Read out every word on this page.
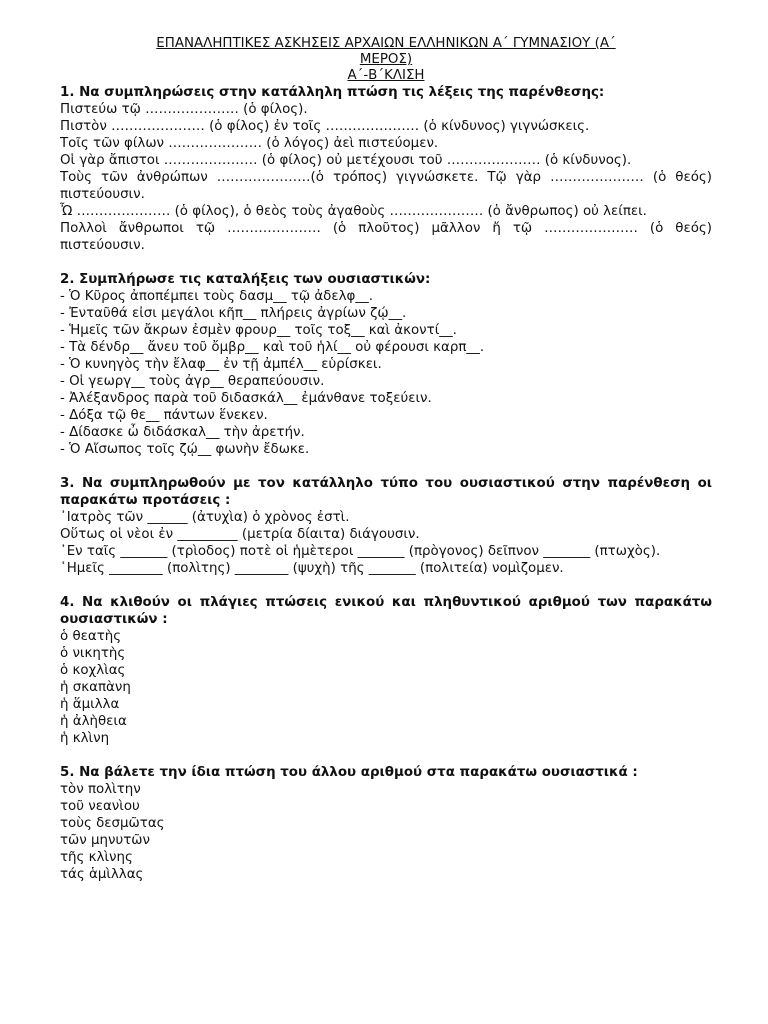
ΕΠΑΝΑΛΗΠΤΙΚΕΣ ΑΣΚΗΣΕΙΣ ΑΡΧΑΙΩΝ ΕΛΛΗΝΙΚΩΝ Α΄ ΓΥΜΝΑΣΙΟΥ (Α΄
ΜΕΡΟΣ)
Α΄-Β΄ΚΛΙΣΗ
1. Να συμπληρώσεις στην κατάλληλη πτώση τις λέξεις της παρένθεσης:
Πιστεύω τῷ ………………… (ὁ φίλος).
Πιστὸν ………………… (ὁ φίλος) ἐν τοῖς ………………… (ὁ κίνδυνος) γιγνώσκεις.
Τοῖς τῶν φίλων ………………… (ὁ λόγος) ἀεὶ πιστεύομεν.
Οἱ γὰρ ἄπιστοι ………………… (ὁ φίλος) οὐ μετέχουσι τοῦ ………………… (ὁ κίνδυνος).
Τοὺς τῶν ἀνθρώπων …………………(ὁ τρόπος) γιγνώσκετε. Τῷ γὰρ ………………… (ὁ θεός) πιστεύουσιν.
Ὦ ………………… (ὁ φίλος), ὁ θεὸς τοὺς ἀγαθοὺς ………………… (ὁ ἄνθρωπος) οὐ λείπει.
Πολλοὶ ἄνθρωποι τῷ ………………… (ὁ πλοῦτος) μᾶλλον ἤ τῷ ………………… (ὁ θεός) πιστεύουσιν.
2. Συμπλήρωσε τις καταλήξεις των ουσιαστικών:
- Ὁ Κῦρος ἀποπέμπει τοὺς δασμ__ τῷ ἀδελφ__.
- Ἐνταῦθά εἰσι μεγάλοι κῆπ__ πλήρεις ἀγρίων ζῴ__.
- Ἡμεῖς τῶν ἄκρων ἐσμὲν φρουρ__ τοῖς τοξ__ καὶ ἀκοντί__.
- Τὰ δένδρ__ ἄνευ τοῦ ὄμβρ__ καὶ τοῦ ἡλί__ οὐ φέρουσι καρπ__.
- Ὁ κυνηγὸς τὴν ἔλαφ__ ἐν τῇ ἀμπέλ__ εὑρίσκει.
- Οἱ γεωργ__ τοὺς ἀγρ__ θεραπεύουσιν.
- Ἀλέξανδρος παρὰ τοῦ διδασκάλ__ ἐμάνθανε τοξεύειν.
- Δόξα τῷ θε__ πάντων ἕνεκεν.
- Δίδασκε ὦ διδάσκαλ__ τὴν ἀρετήν.
- Ὁ Αἴσωπος τοῖς ζῴ__ φωνὴν ἔδωκε.
3. Να συμπληρωθούν με τον κατάλληλο τύπο του ουσιαστικού στην παρένθεση οι παρακάτω προτάσεις :
᾿Ιατρὸς τῶν ______ (ἀτυχὶα) ὁ χρὸνος ἐστὶ.
Οὕτως οἱ νὲοι ἐν _________ (μετρία δίαιτα) διάγουσιν.
᾿Εν ταῖς _______ (τρὶοδος) ποτὲ οἱ ἡμὲτεροι _______ (πρὸγονος) δεῖπνον _______ (πτωχὸς).
῾Ημεῖς ________ (πολὶτης) ________ (ψυχὴ) τῆς _______ (πολιτεία) νομὶζομεν.
4. Να κλιθούν οι πλάγιες πτώσεις ενικού και πληθυντικού αριθμού των παρακάτω ουσιαστικών :
ὁ θεατὴς
ὁ νικητὴς
ὁ κοχλὶας
ἡ σκαπὰνη
ἡ ἅμιλλα
ἡ ἀλὴθεια
ἡ κλὶνη
5. Να βάλετε την ίδια πτώση του άλλου αριθμού στα παρακάτω ουσιαστικά :
τὸν πολὶτην
τοῦ νεανὶου
τοὺς δεσμῶτας
τῶν μηνυτῶν
τῆς κλὶνης
τάς ἁμὶλλας
